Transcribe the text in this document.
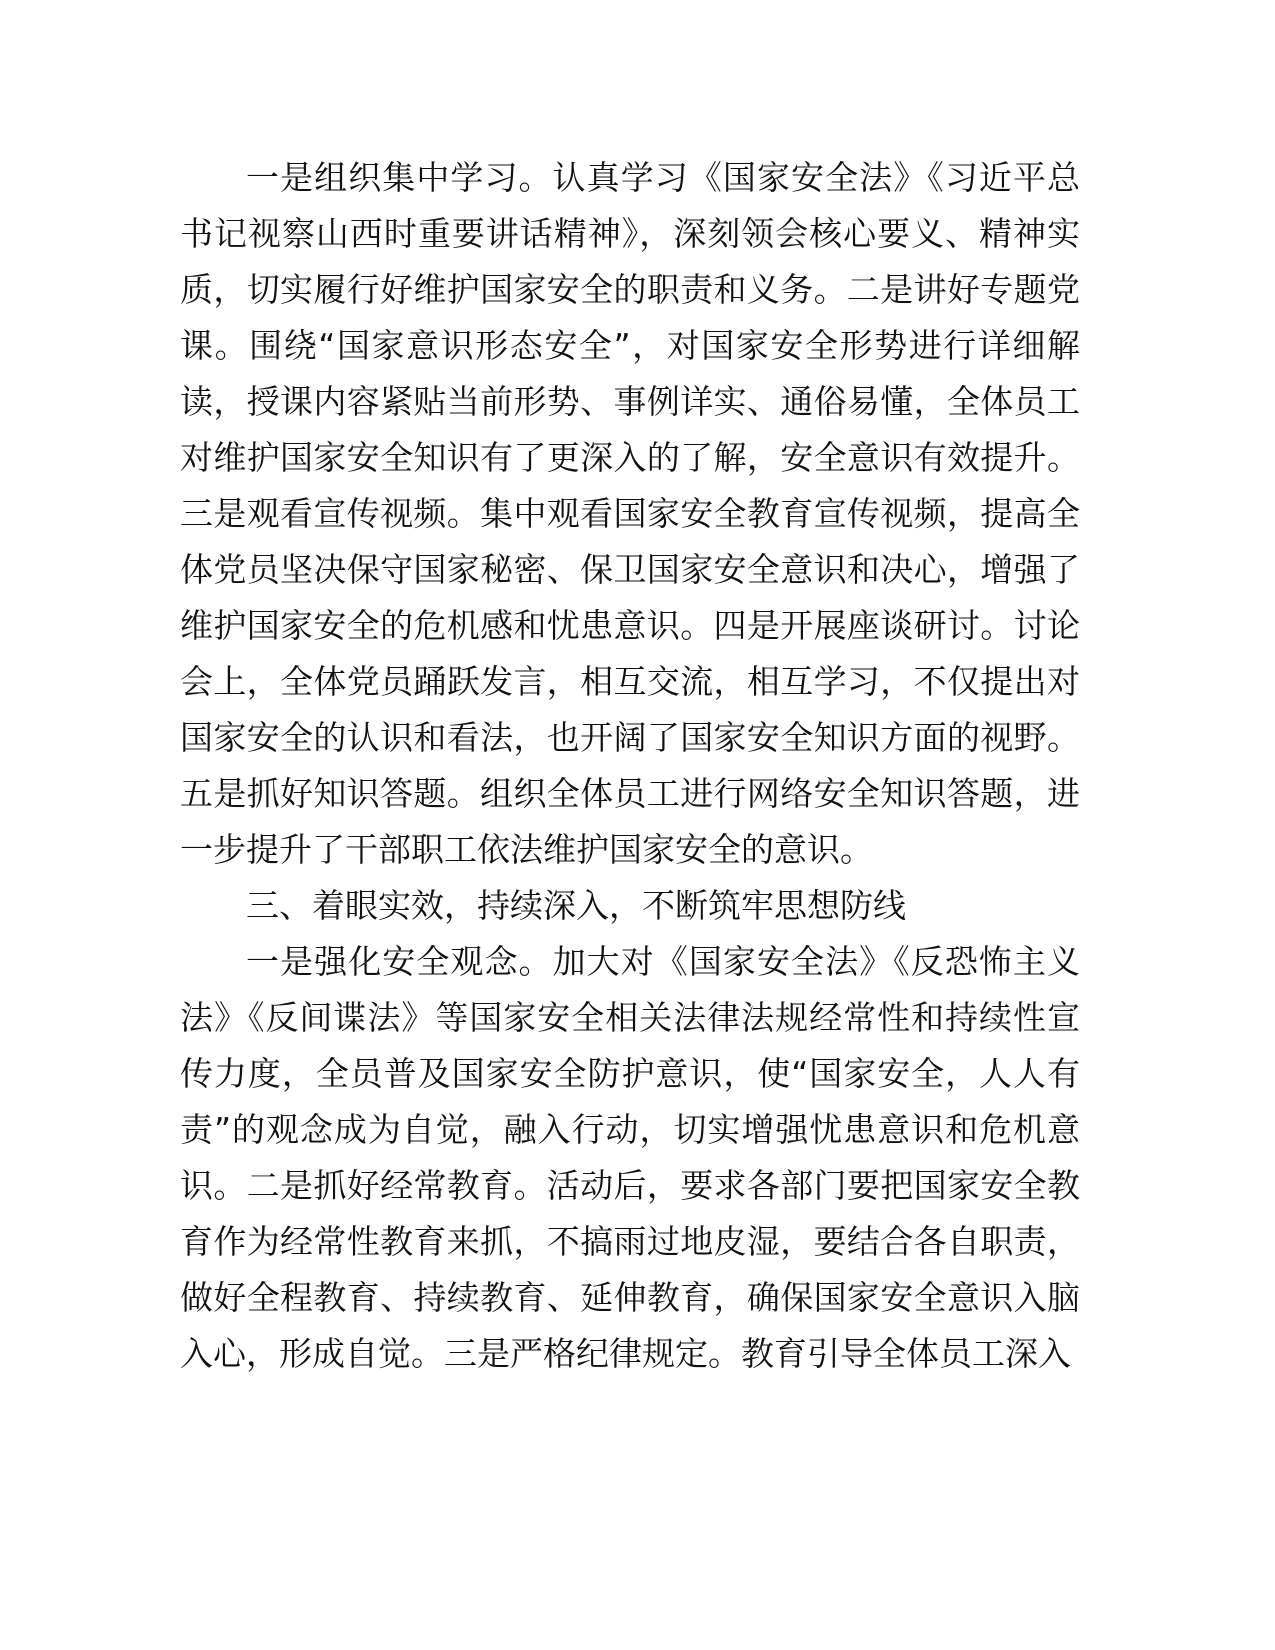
一是组织集中学习。认真学习《国家安全法》《习近平总书记视察山西时重要讲话精神》，深刻领会核心要义、精神实质，切实履行好维护国家安全的职责和义务。二是讲好专题党课。围绕“国家意识形态安全”，对国家安全形势进行详细解读，授课内容紧贴当前形势、事例详实、通俗易懂，全体员工对维护国家安全知识有了更深入的了解，安全意识有效提升。三是观看宣传视频。集中观看国家安全教育宣传视频，提高全体党员坚决保守国家秘密、保卫国家安全意识和决心，增强了维护国家安全的危机感和忧患意识。四是开展座谈研讨。讨论会上，全体党员踊跃发言，相互交流，相互学习，不仅提出对国家安全的认识和看法，也开阔了国家安全知识方面的视野。五是抓好知识答题。组织全体员工进行网络安全知识答题，进一步提升了干部职工依法维护国家安全的意识。

三、着眼实效，持续深入，不断筑牢思想防线

一是强化安全观念。加大对《国家安全法》《反恐怖主义法》《反间谍法》等国家安全相关法律法规经常性和持续性宣传力度，全员普及国家安全防护意识，使“国家安全，人人有责”的观念成为自觉，融入行动，切实增强忧患意识和危机意识。二是抓好经常教育。活动后，要求各部门要把国家安全教育作为经常性教育来抓，不搞雨过地皮湿，要结合各自职责，做好全程教育、持续教育、延伸教育，确保国家安全意识入脑入心，形成自觉。三是严格纪律规定。教育引导全体员工深入
